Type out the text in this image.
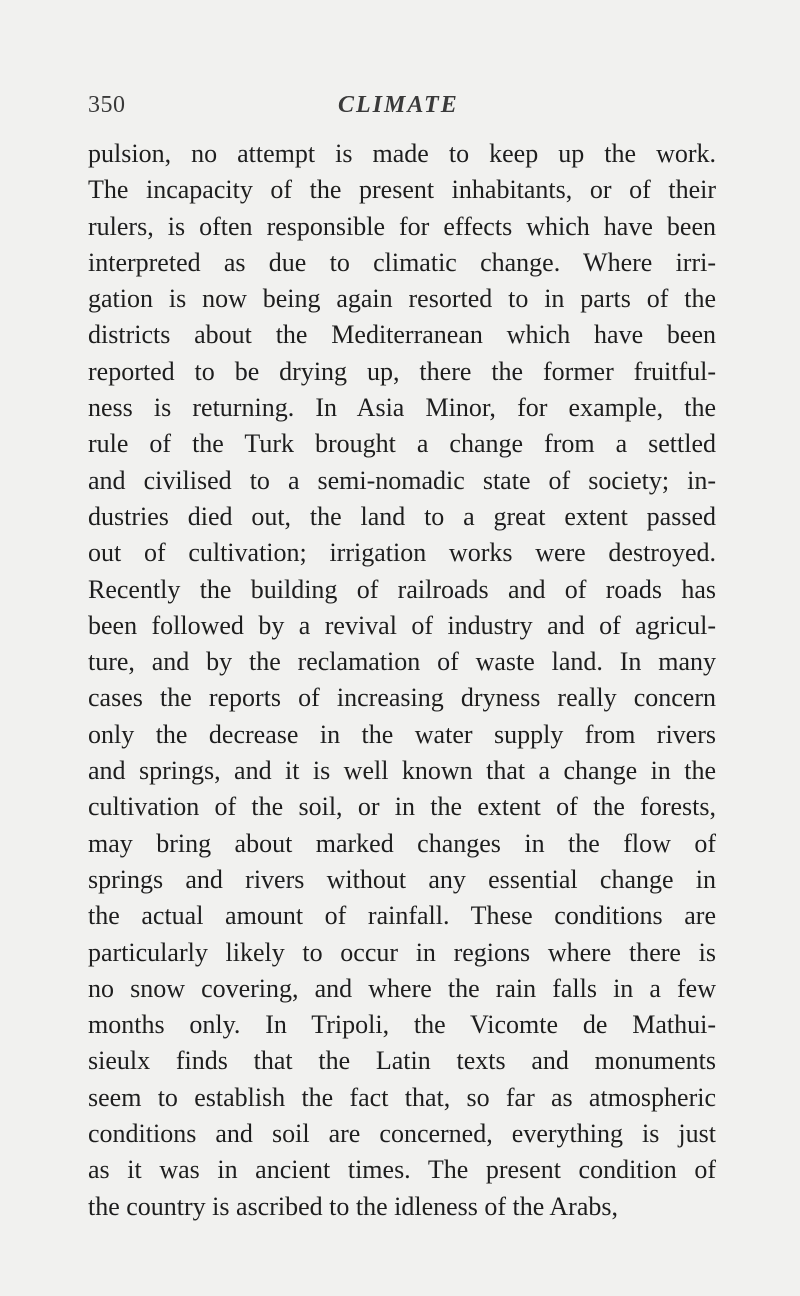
350	CLIMATE
pulsion, no attempt is made to keep up the work.
The incapacity of the present inhabitants, or of their
rulers, is often responsible for effects which have been
interpreted as due to climatic change. Where irri-
gation is now being again resorted to in parts of the
districts about the Mediterranean which have been
reported to be drying up, there the former fruitful-
ness is returning. In Asia Minor, for example, the
rule of the Turk brought a change from a settled
and civilised to a semi-nomadic state of society; in-
dustries died out, the land to a great extent passed
out of cultivation; irrigation works were destroyed.
Recently the building of railroads and of roads has
been followed by a revival of industry and of agricul-
ture, and by the reclamation of waste land. In many
cases the reports of increasing dryness really concern
only the decrease in the water supply from rivers
and springs, and it is well known that a change in the
cultivation of the soil, or in the extent of the forests,
may bring about marked changes in the flow of
springs and rivers without any essential change in
the actual amount of rainfall. These conditions are
particularly likely to occur in regions where there is
no snow covering, and where the rain falls in a few
months only. In Tripoli, the Vicomte de Mathui-
sieulx finds that the Latin texts and monuments
seem to establish the fact that, so far as atmospheric
conditions and soil are concerned, everything is just
as it was in ancient times. The present condition of
the country is ascribed to the idleness of the Arabs,
